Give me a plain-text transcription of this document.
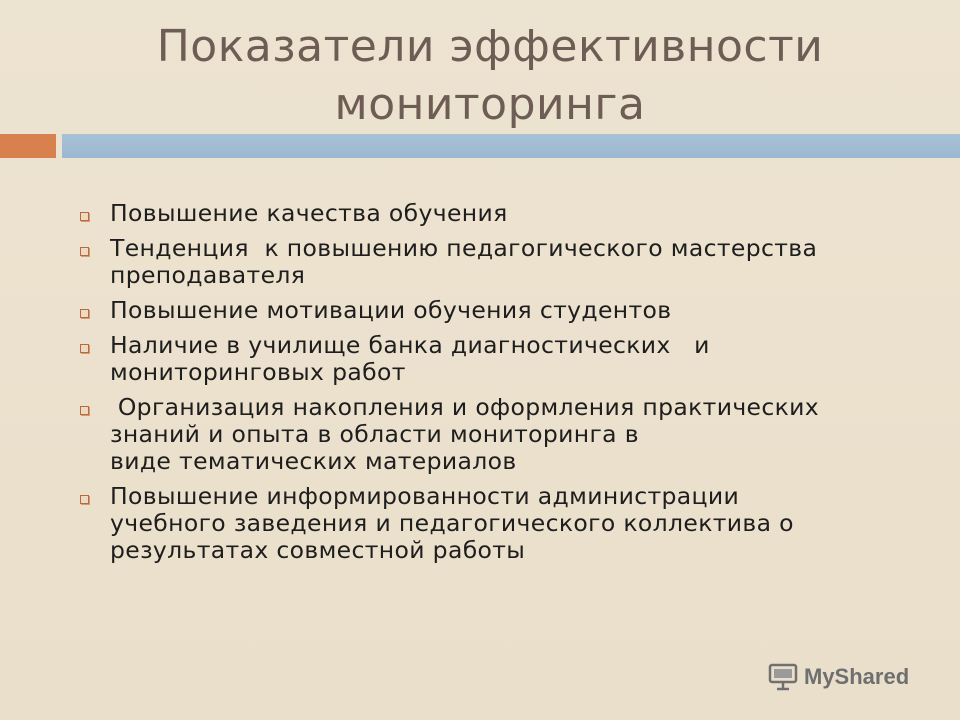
Показатели эффективности
мониторинга
Повышение качества обучения
Тенденция  к повышению педагогического мастерства
преподавателя
Повышение мотивации обучения студентов
Наличие в училище банка диагностических   и
мониторинговых работ
Организация накопления и оформления практических
знаний и опыта в области мониторинга в
виде тематических материалов
Повышение информированности администрации
учебного заведения и педагогического коллектива о
результатах совместной работы
MyShared
